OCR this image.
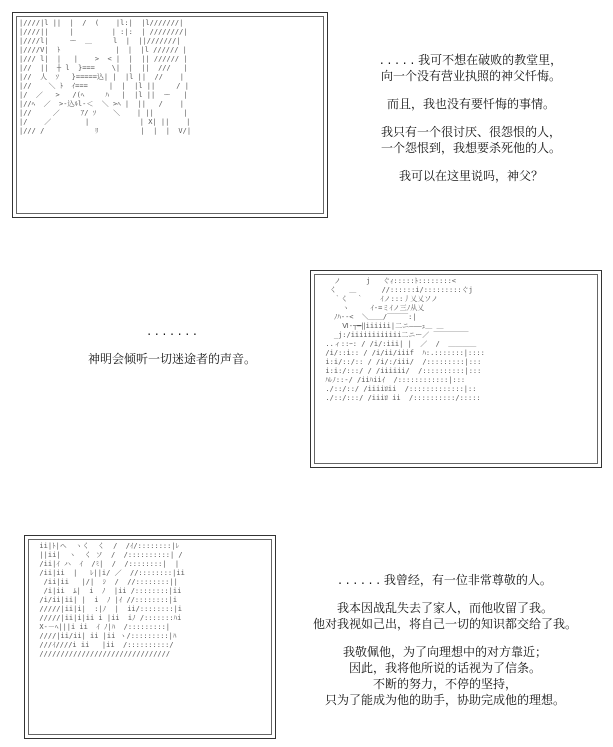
|////|l ||  |  /  (    |l:|  |l///////|
|////||     |         | :|:  | ////////|
|////l|     ー  ＿     l  |  ||///////|
|////V|  ﾄ             |  |  |l ////// |
|/// l|  |   |    >  < |  |  || ////// |
|//  ||  ┼ l  }===    \|  |  ||  ///   |
|//  人  ｿ   }=====込| |  |l ||  //    |
|//    ＼ ﾄ  ｲ===     |  |  |l ||     / |
|/  ／   >   /(ﾍ     ﾊ   |  |l ||  ー   |
|//ﾍ  ／  >-込ﾙl-＜  ＼ >ﾍ |  ||   /    |
|//     ／     ｱ/ ｿ    ＼    | ||       |
|/    ／        |            | X| ||    |
|/// /            ﾘ          |  |  |  V/|

. . . . . 我可不想在破败的教堂里，

向一个没有营业执照的神父忏悔。

而且，我也没有要忏悔的事情。

我只有一个很讨厌、很怨恨的人，

一个怨恨到，我想要杀死他的人。

我可以在这里说吗，神父？

. . . . . . .

神明会倾听一切迷途者的声音。

ノ      j   ぐｨ:::::ﾄ::::::::<
く   ＿      //::::::i/:::::::::ぐj
｀く  ｀    ｲノ:::丿乂乂ソノ
ヽ     ｲ-=ミｲノ三ﾉ从乂
ﾉﾊ--<  ＼＿＿/￣￣￣:|
Ⅵ-┬━‖iiiiii|二ニ―――ｭ＿ ＿
_j:/iiiiiiiiiiii二ニー／ ￣￣￣￣￣
..ィ::ｰ: / /i/:iii| |  ／  /  ＿＿＿＿
/i/::i:: / /i/ii/iiif  ﾊ:.:::::::|::::
i:i/::/:: / /i/:/iii/  /:::::::::|:::
i:i:/:::/ / /iiiiii/  /::::::::::|:::
ﾊﾚﾉ::-/ /iiﾊiiｲ  /::::::::::::|:::
./::/::/ /iiiiﾛii  /:::::::::::::|::
./::/:::/ /iiiﾛ ii  /::::::::::/:::::
ii|ﾄ|ヘ  ヽく  く  /  /ｲ/::::::::|ﾚ
||ii|  ヽ  く ソ  /  /::::::::::| /
/ii|ｲ ハ  ｲ  /ﾐ|  /  /::::::::|  |
/ii|ii  |   ﾚ||i/ ／  //::::::::|ii
/ii|ii   |/|  ｼ  /  //::::::::||
/i|ii  ﾑ|  i  ﾉ  |ii /::::::::|ii
/i/ii|ii| |  i  ﾉ |ｲ //::::::::|i
/////|ii|i|  :|ﾉ  |  ii/::::::::|i
/////|ii|i|ii i |ii  iﾉ /:::::::ﾊi
X-－ﾍ|||i ii  ｲ ﾉ|ﾊ  /:::::::::|
////|ii/ii| ii |ii ヽ/:::::::::|ﾊ
///ｲ////i ii   |ii  /::::::::::/
///////////////////////////////

. . . . . . 我曾经，有一位非常尊敬的人。

我本因战乱失去了家人，而他收留了我。

他对我视如己出，将自己一切的知识都交给了我。

我敬佩他，为了向理想中的对方靠近；

因此，我将他所说的话视为了信条。

不断的努力，不停的坚持，

只为了能成为他的助手，协助完成他的理想。
